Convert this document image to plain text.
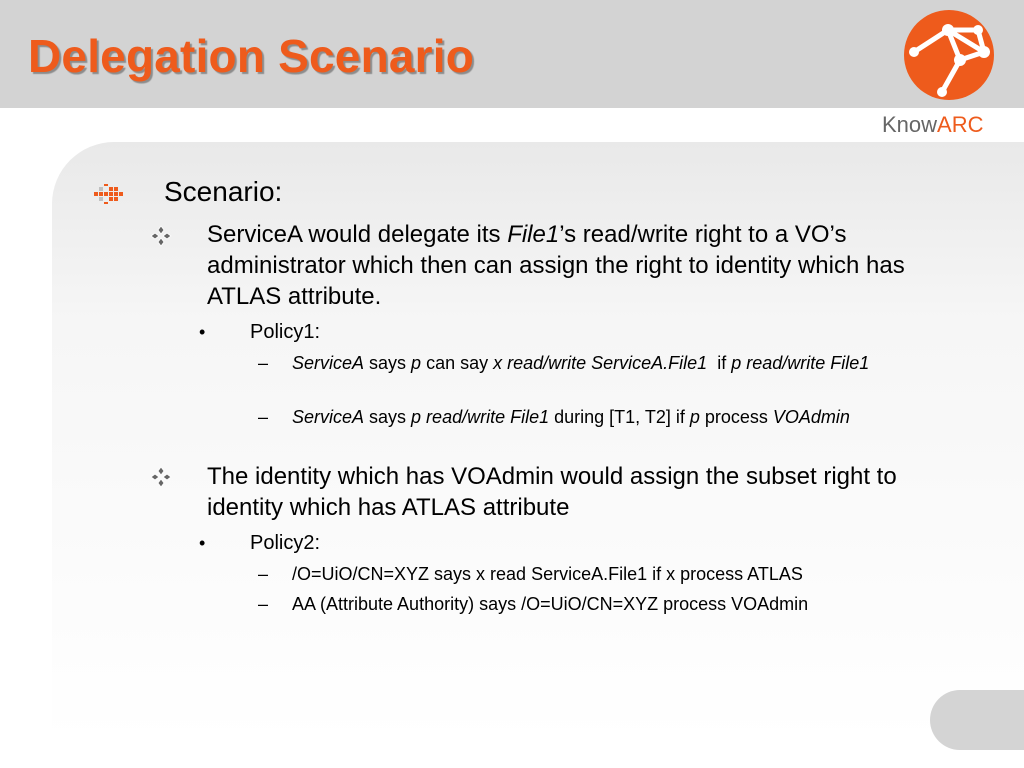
Delegation Scenario
KnowARC

Scenario:

ServiceA would delegate its File1’s read/write right to a VO’s administrator which then can assign the right to identity which has ATLAS attribute.

• Policy1:

– ServiceA says p can say x read/write ServiceA.File1  if p read/write File1

– ServiceA says p read/write File1 during [T1, T2] if p process VOAdmin

The identity which has VOAdmin would assign the subset right to identity which has ATLAS attribute

• Policy2:

– /O=UiO/CN=XYZ says x read ServiceA.File1 if x process ATLAS

– AA (Attribute Authority) says /O=UiO/CN=XYZ process VOAdmin
